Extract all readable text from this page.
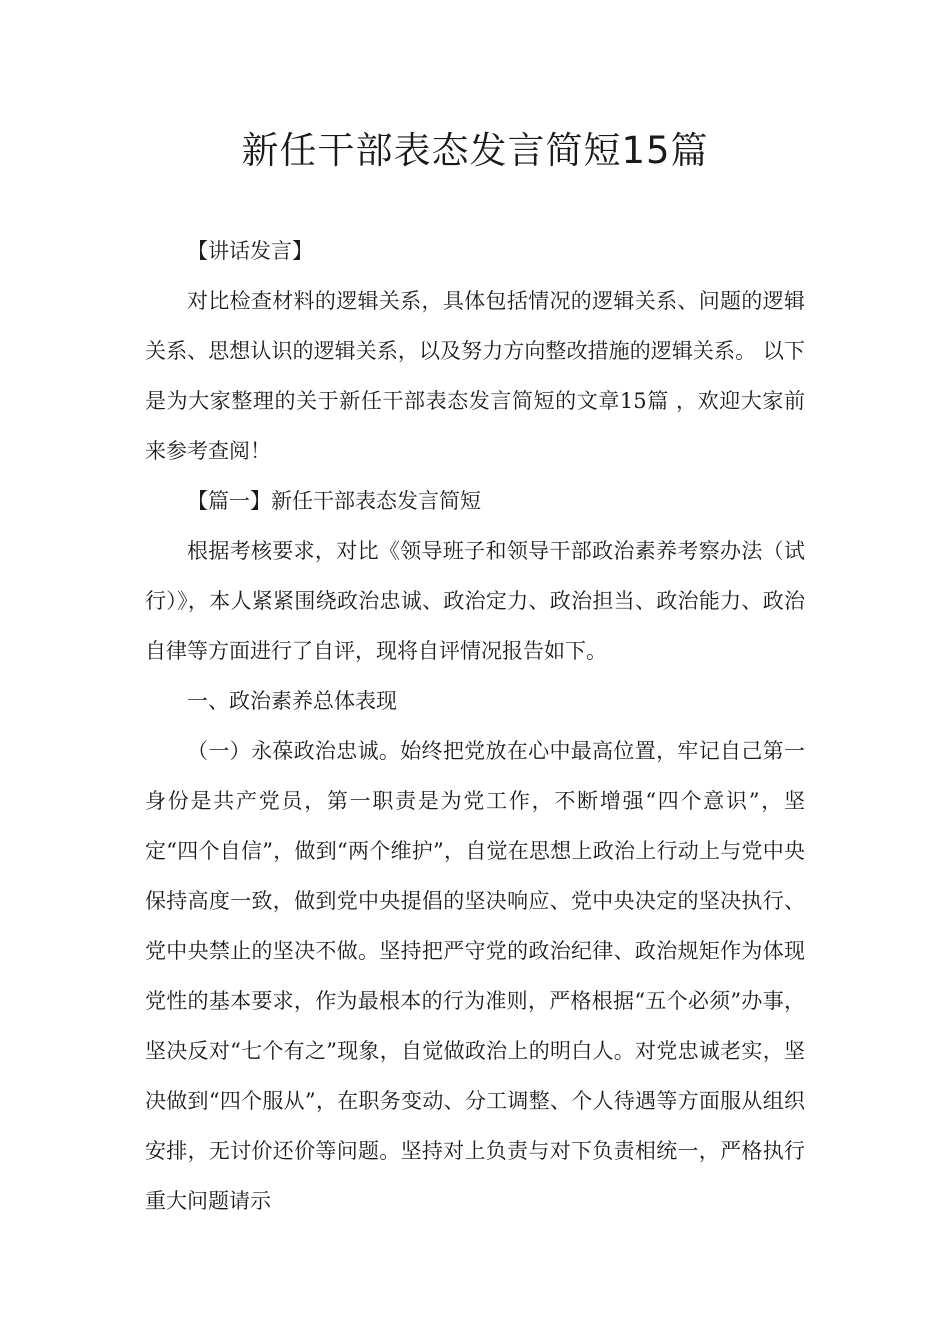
新任干部表态发言简短15篇

【讲话发言】

对比检查材料的逻辑关系，具体包括情况的逻辑关系、问题的逻辑关系、思想认识的逻辑关系，以及努力方向整改措施的逻辑关系。 以下是为大家整理的关于新任干部表态发言简短的文章15篇 ，欢迎大家前来参考查阅！

【篇一】新任干部表态发言简短

根据考核要求，对比《领导班子和领导干部政治素养考察办法（试行）》，本人紧紧围绕政治忠诚、政治定力、政治担当、政治能力、政治自律等方面进行了自评，现将自评情况报告如下。

一、政治素养总体表现

（一）永葆政治忠诚。始终把党放在心中最高位置，牢记自己第一身份是共产党员，第一职责是为党工作，不断增强“四个意识”，坚定“四个自信”，做到“两个维护”，自觉在思想上政治上行动上与党中央保持高度一致，做到党中央提倡的坚决响应、党中央决定的坚决执行、党中央禁止的坚决不做。坚持把严守党的政治纪律、政治规矩作为体现党性的基本要求，作为最根本的行为准则，严格根据“五个必须”办事，坚决反对“七个有之”现象，自觉做政治上的明白人。对党忠诚老实，坚决做到“四个服从”，在职务变动、分工调整、个人待遇等方面服从组织安排，无讨价还价等问题。坚持对上负责与对下负责相统一，严格执行重大问题请示
